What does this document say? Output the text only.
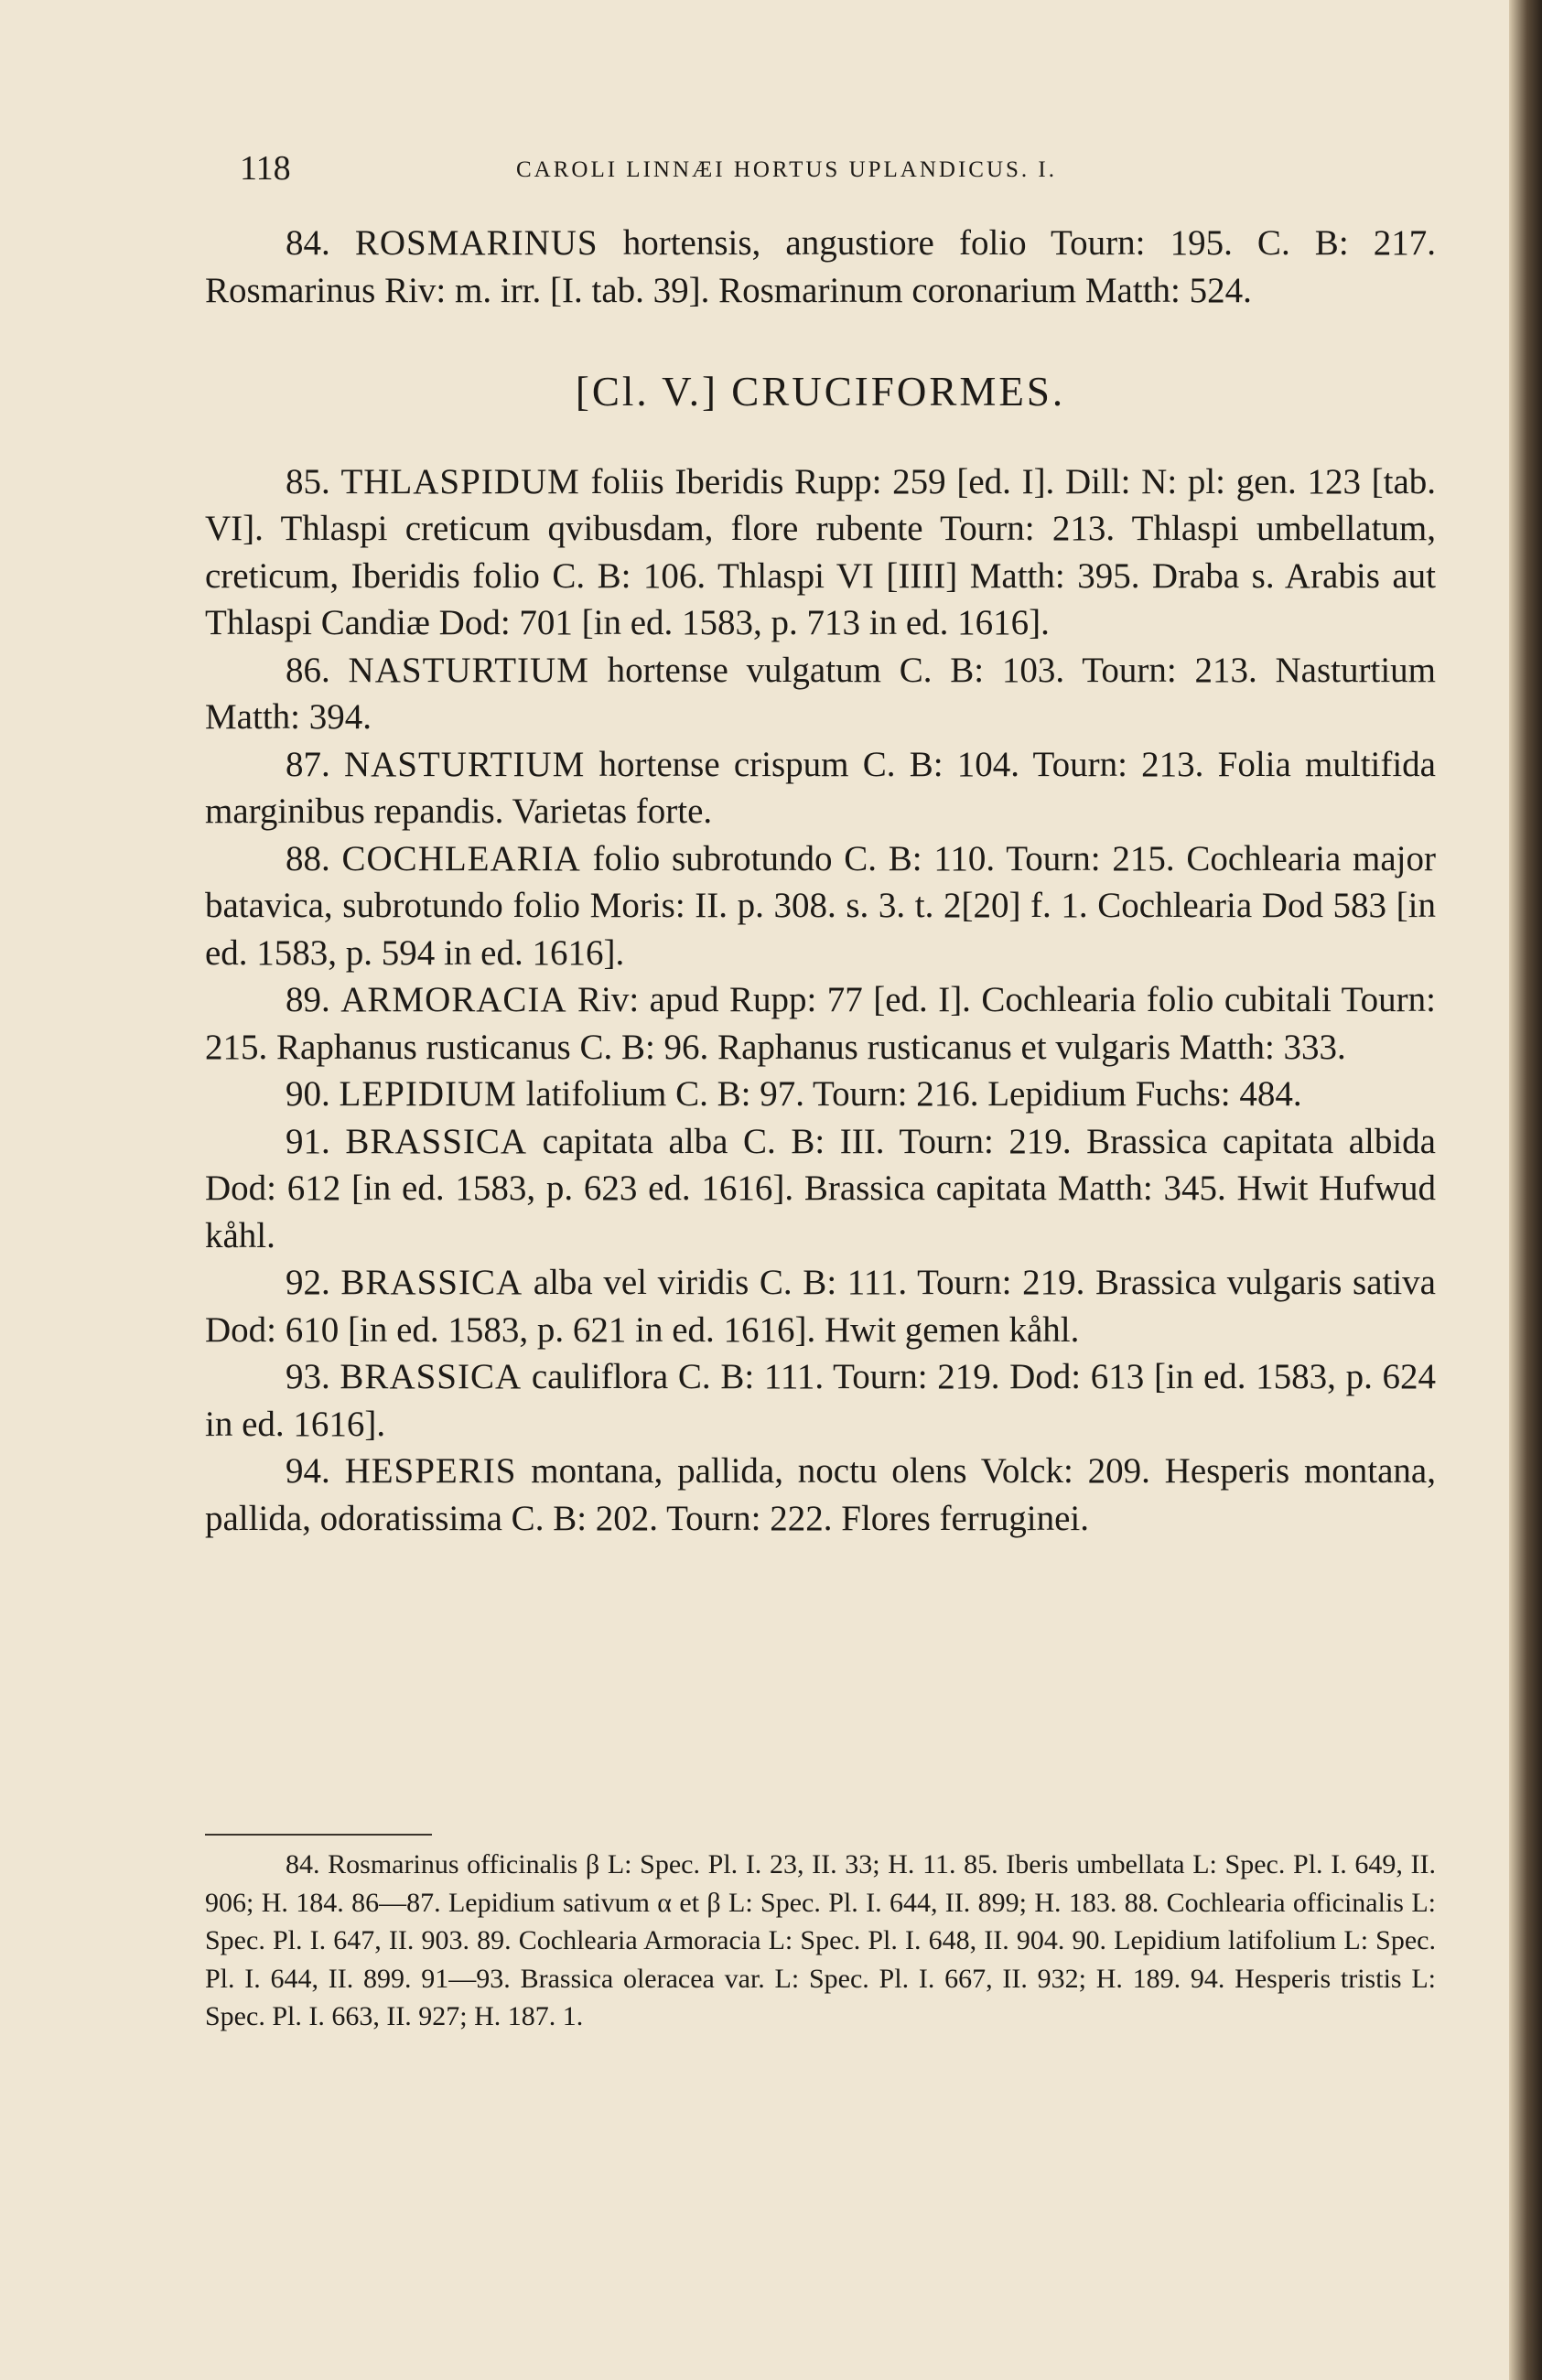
118	CAROLI LINNÆI HORTUS UPLANDICUS. I.

84. ROSMARINUS hortensis, angustiore folio Tourn: 195. C. B: 217. Rosmarinus Riv: m. irr. [I. tab. 39]. Rosmarinum coronarium Matth: 524.

[Cl. V.] CRUCIFORMES.

85. THLASPIDUM foliis Iberidis Rupp: 259 [ed. I]. Dill: N: pl: gen. 123 [tab. VI]. Thlaspi creticum qvibusdam, flore rubente Tourn: 213. Thlaspi umbellatum, creticum, Iberidis folio C. B: 106. Thlaspi VI [IIII] Matth: 395. Draba s. Arabis aut Thlaspi Candiæ Dod: 701 [in ed. 1583, p. 713 in ed. 1616].

86. NASTURTIUM hortense vulgatum C. B: 103. Tourn: 213. Nasturtium Matth: 394.

87. NASTURTIUM hortense crispum C. B: 104. Tourn: 213. Folia multifida marginibus repandis. Varietas forte.

88. COCHLEARIA folio subrotundo C. B: 110. Tourn: 215. Cochlearia major batavica, subrotundo folio Moris: II. p. 308. s. 3. t. 2[20] f. 1. Cochlearia Dod 583 [in ed. 1583, p. 594 in ed. 1616].

89. ARMORACIA Riv: apud Rupp: 77 [ed. I]. Cochlearia folio cubitali Tourn: 215. Raphanus rusticanus C. B: 96. Raphanus rusticanus et vulgaris Matth: 333.

90. LEPIDIUM latifolium C. B: 97. Tourn: 216. Lepidium Fuchs: 484.

91. BRASSICA capitata alba C. B: III. Tourn: 219. Brassica capitata albida Dod: 612 [in ed. 1583, p. 623 ed. 1616]. Brassica capitata Matth: 345. Hwit Hufwud kåhl.

92. BRASSICA alba vel viridis C. B: 111. Tourn: 219. Brassica vulgaris sativa Dod: 610 [in ed. 1583, p. 621 in ed. 1616]. Hwit gemen kåhl.

93. BRASSICA cauliflora C. B: 111. Tourn: 219. Dod: 613 [in ed. 1583, p. 624 in ed. 1616].

94. HESPERIS montana, pallida, noctu olens Volck: 209. Hesperis montana, pallida, odoratissima C. B: 202. Tourn: 222. Flores ferruginei.

84. Rosmarinus officinalis β L: Spec. Pl. I. 23, II. 33; H. 11. 85. Iberis umbellata L: Spec. Pl. I. 649, II. 906; H. 184. 86—87. Lepidium sativum α et β L: Spec. Pl. I. 644, II. 899; H. 183. 88. Cochlearia officinalis L: Spec. Pl. I. 647, II. 903. 89. Cochlearia Armoracia L: Spec. Pl. I. 648, II. 904. 90. Lepidium latifolium L: Spec. Pl. I. 644, II. 899. 91—93. Brassica oleracea var. L: Spec. Pl. I. 667, II. 932; H. 189. 94. Hesperis tristis L: Spec. Pl. I. 663, II. 927; H. 187. 1.
